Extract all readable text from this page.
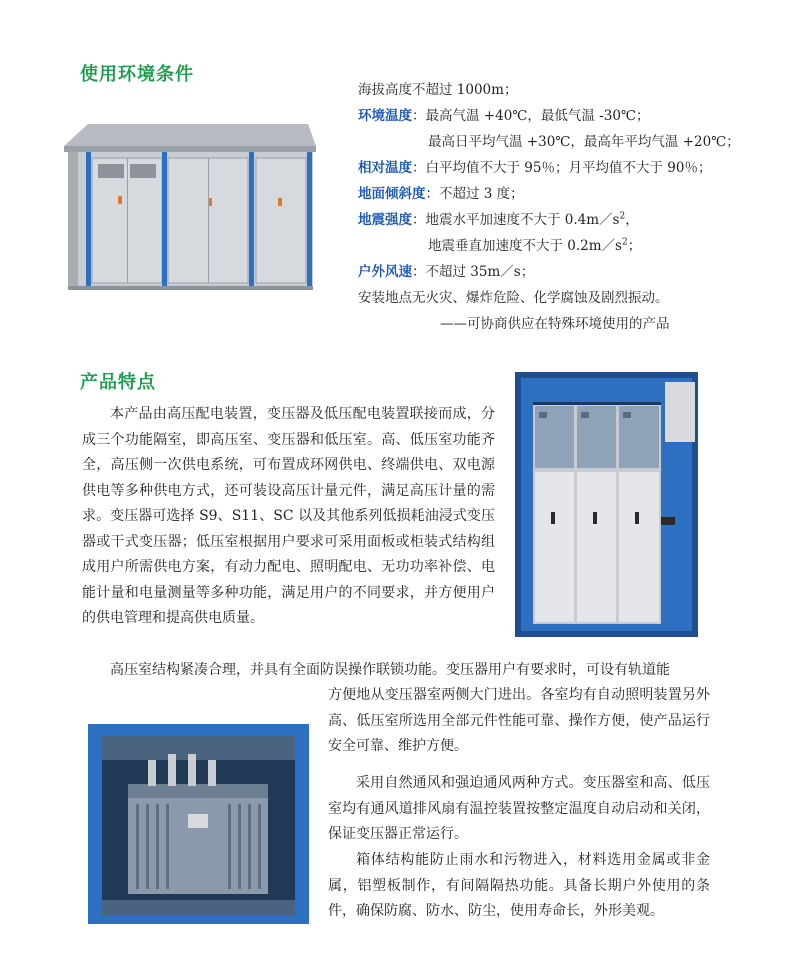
使用环境条件
海拔高度不超过 1000m；
环境温度：最高气温 +40℃，最低气温 -30℃；
最高日平均气温 +30℃，最高年平均气温 +20℃；
相对温度：白平均值不大于 95％；月平均值不大于 90％；
地面倾斜度：不超过 3 度；
地震强度：地震水平加速度不大于 $0.4m/s^2$，
地震垂直加速度不大于 $0.2m/s^2$；
户外风速：不超过 35m／s；
安装地点无火灾、爆炸危险、化学腐蚀及剧烈振动。
——可协商供应在特殊环境使用的产品
产品特点

本产品由高压配电装置，变压器及低压配电装置联接而成，分成三个功能隔室，即高压室、变压器和低压室。高、低压室功能齐全，高压侧一次供电系统，可布置成环网供电、终端供电、双电源供电等多种供电方式，还可装设高压计量元件，满足高压计量的需求。变压器可选择 S9、S11、SC 以及其他系列低损耗油浸式变压器或干式变压器；低压室根据用户要求可采用面板或柜装式结构组成用户所需供电方案，有动力配电、照明配电、无功功率补偿、电能计量和电量测量等多种功能，满足用户的不同要求，并方便用户的供电管理和提高供电质量。

高压室结构紧凑合理，并具有全面防误操作联锁功能。变压器用户有要求时，可设有轨道能

方便地从变压器室两侧大门进出。各室均有自动照明装置另外高、低压室所选用全部元件性能可靠、操作方便，使产品运行安全可靠、维护方便。

采用自然通风和强迫通风两种方式。变压器室和高、低压室均有通风道排风扇有温控装置按整定温度自动启动和关闭，保证变压器正常运行。

箱体结构能防止雨水和污物进入，材料选用金属或非金属，铝塑板制作，有间隔隔热功能。具备长期户外使用的条件，确保防腐、防水、防尘，使用寿命长，外形美观。
